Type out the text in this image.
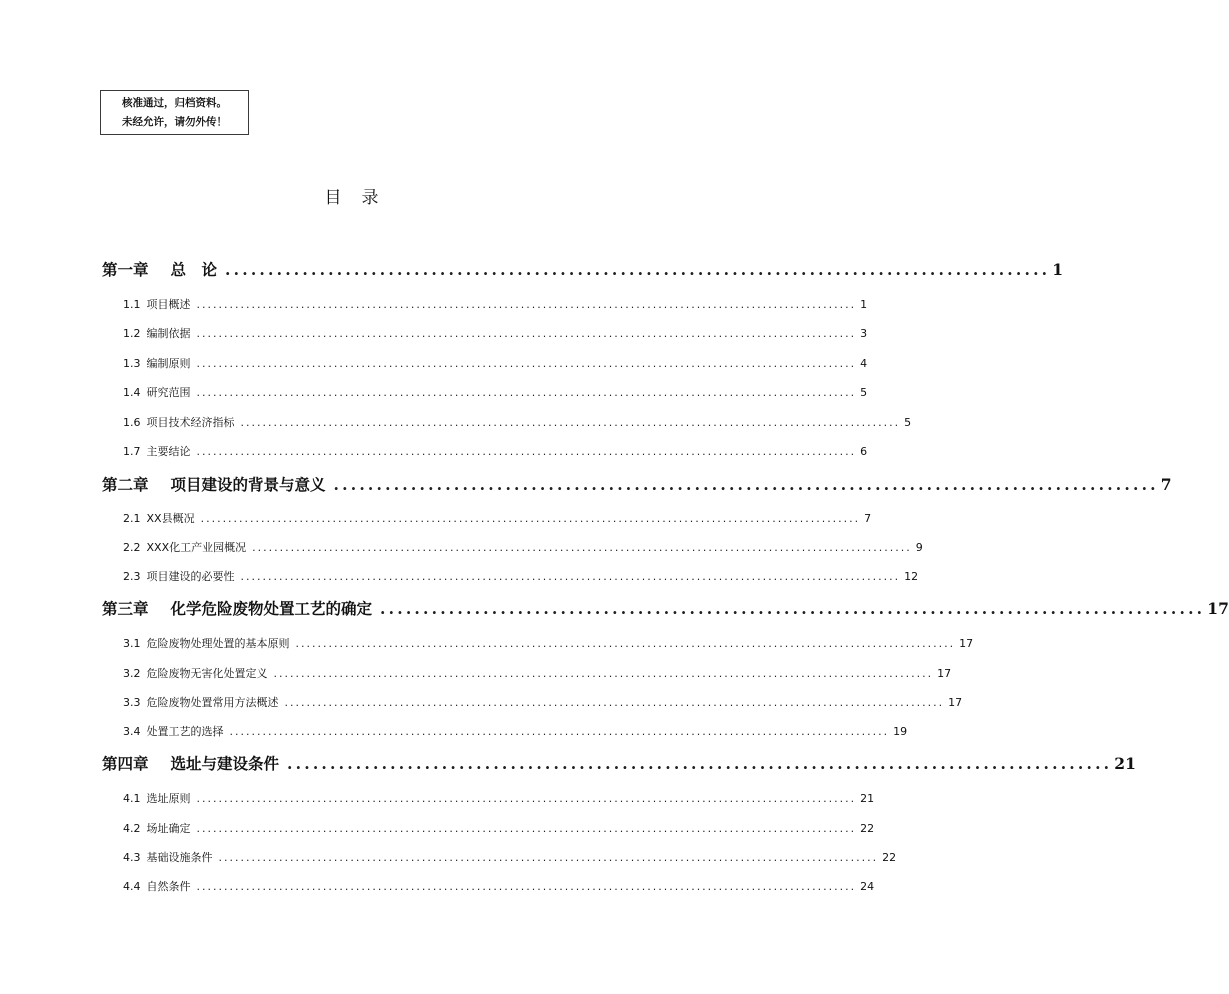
核准通过，归档资料。
未经允许，请勿外传！
目 录
第一章 总　论 ................................................................................................ 1
1.1 项目概述 ........................................................................................................................ 1
1.2 编制依据 ........................................................................................................................ 3
1.3 编制原则 ........................................................................................................................ 4
1.4 研究范围 ........................................................................................................................ 5
1.6 项目技术经济指标 ........................................................................................................................ 5
1.7 主要结论 ........................................................................................................................ 6
第二章 项目建设的背景与意义 ................................................................................................ 7
2.1 XX县概况 ........................................................................................................................ 7
2.2 XXX化工产业园概况 ........................................................................................................................ 9
2.3 项目建设的必要性 ........................................................................................................................ 12
第三章 化学危险废物处置工艺的确定 ................................................................................................ 17
3.1 危险废物处理处置的基本原则 ........................................................................................................................ 17
3.2 危险废物无害化处置定义 ........................................................................................................................ 17
3.3 危险废物处置常用方法概述 ........................................................................................................................ 17
3.4 处置工艺的选择 ........................................................................................................................ 19
第四章 选址与建设条件 ................................................................................................ 21
4.1 选址原则 ........................................................................................................................ 21
4.2 场址确定 ........................................................................................................................ 22
4.3 基础设施条件 ........................................................................................................................ 22
4.4 自然条件 ........................................................................................................................ 24
